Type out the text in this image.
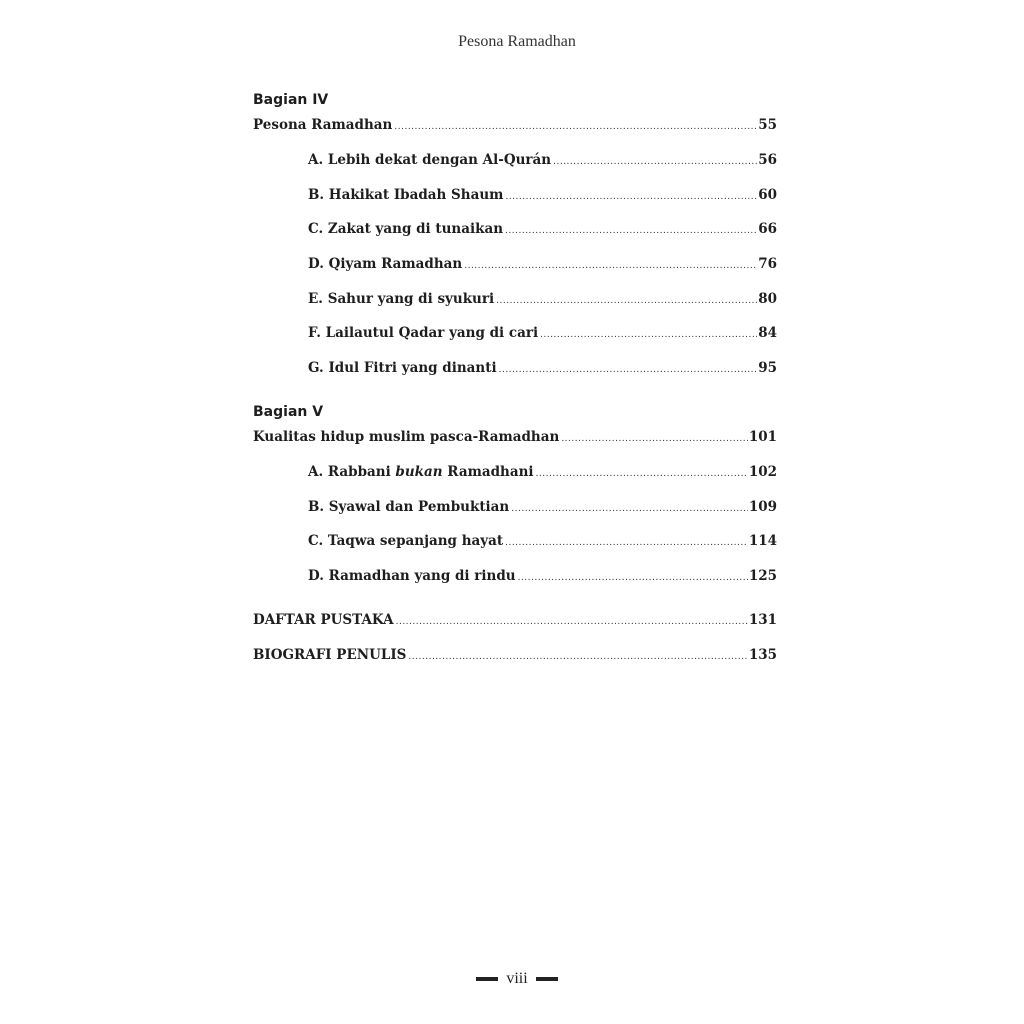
Pesona Ramadhan
Bagian IV
Pesona Ramadhan .....	55
A. Lebih dekat dengan Al-Qurán .....	56
B. Hakikat Ibadah Shaum .....	60
C. Zakat yang di tunaikan .....	66
D. Qiyam Ramadhan .....	76
E. Sahur yang di syukuri .....	80
F. Lailautul Qadar yang di cari .....	84
G. Idul Fitri yang dinanti .....	95
Bagian V
Kualitas hidup muslim pasca-Ramadhan .....	101
A. Rabbani bukan Ramadhani .....	102
B. Syawal dan Pembuktian .....	109
C. Taqwa sepanjang hayat .....	114
D. Ramadhan yang di rindu .....	125
DAFTAR PUSTAKA .....	131
BIOGRAFI PENULIS .....	135
viii
